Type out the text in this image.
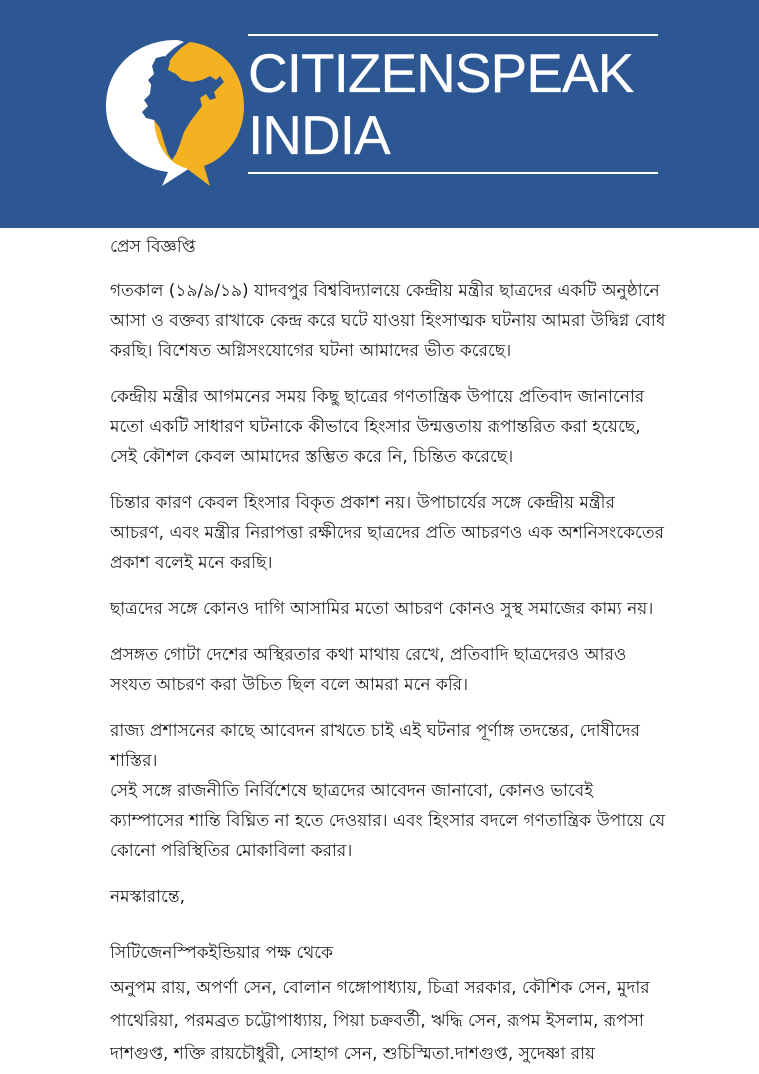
CITIZENSPEAK
INDIA

প্রেস বিজ্ঞপ্তি

গতকাল (১৯/৯/১৯) যাদবপুর বিশ্ববিদ্যালয়ে কেন্দ্রীয় মন্ত্রীর ছাত্রদের একটি অনুষ্ঠানে আসা ও বক্তব্য রাখাকে কেন্দ্র করে ঘটে যাওয়া হিংসাত্মক ঘটনায় আমরা উদ্বিগ্ন বোধ করছি। বিশেষত অগ্নিসংযোগের ঘটনা আমাদের ভীত করেছে।

কেন্দ্রীয় মন্ত্রীর আগমনের সময় কিছু ছাত্রের গণতান্ত্রিক উপায়ে প্রতিবাদ জানানোর মতো একটি সাধারণ ঘটনাকে কীভাবে হিংসার উন্মত্ততায় রূপান্তরিত করা হয়েছে, সেই কৌশল কেবল আমাদের স্তম্ভিত করে নি, চিন্তিত করেছে।

চিন্তার কারণ কেবল হিংসার বিকৃত প্রকাশ নয়। উপাচার্যের সঙ্গে কেন্দ্রীয় মন্ত্রীর আচরণ, এবং মন্ত্রীর নিরাপত্তা রক্ষীদের ছাত্রদের প্রতি আচরণও এক অশনিসংকেতের প্রকাশ বলেই মনে করছি।

ছাত্রদের সঙ্গে কোনও দাগি আসামির মতো আচরণ কোনও সুস্থ সমাজের কাম্য নয়।

প্রসঙ্গত গোটা দেশের অস্থিরতার কথা মাথায় রেখে, প্রতিবাদি ছাত্রদেরও আরও সংযত আচরণ করা উচিত ছিল বলে আমরা মনে করি।

রাজ্য প্রশাসনের কাছে আবেদন রাখতে চাই এই ঘটনার পূর্ণাঙ্গ তদন্তের, দোষীদের শাস্তির।

সেই সঙ্গে রাজনীতি নির্বিশেষে ছাত্রদের আবেদন জানাবো, কোনও ভাবেই ক্যাম্পাসের শান্তি বিঘ্নিত না হতে দেওয়ার। এবং হিংসার বদলে গণতান্ত্রিক উপায়ে যে কোনো পরিস্থিতির মোকাবিলা করার।

নমস্কারান্তে,

সিটিজেনস্পিকইন্ডিয়ার পক্ষ থেকে

অনুপম রায়, অপর্ণা সেন, বোলান গঙ্গোপাধ্যায়, চিত্রা সরকার, কৌশিক সেন, মুদার পাথেরিয়া, পরমব্রত চট্টোপাধ্যায়, পিয়া চক্রবর্তী, ঋদ্ধি সেন, রূপম ইসলাম, রূপসা দাশগুপ্ত, শক্তি রায়চৌধুরী, সোহাগ সেন, শুচিস্মিতা.দাশগুপ্ত, সুদেষ্ণা রায়
